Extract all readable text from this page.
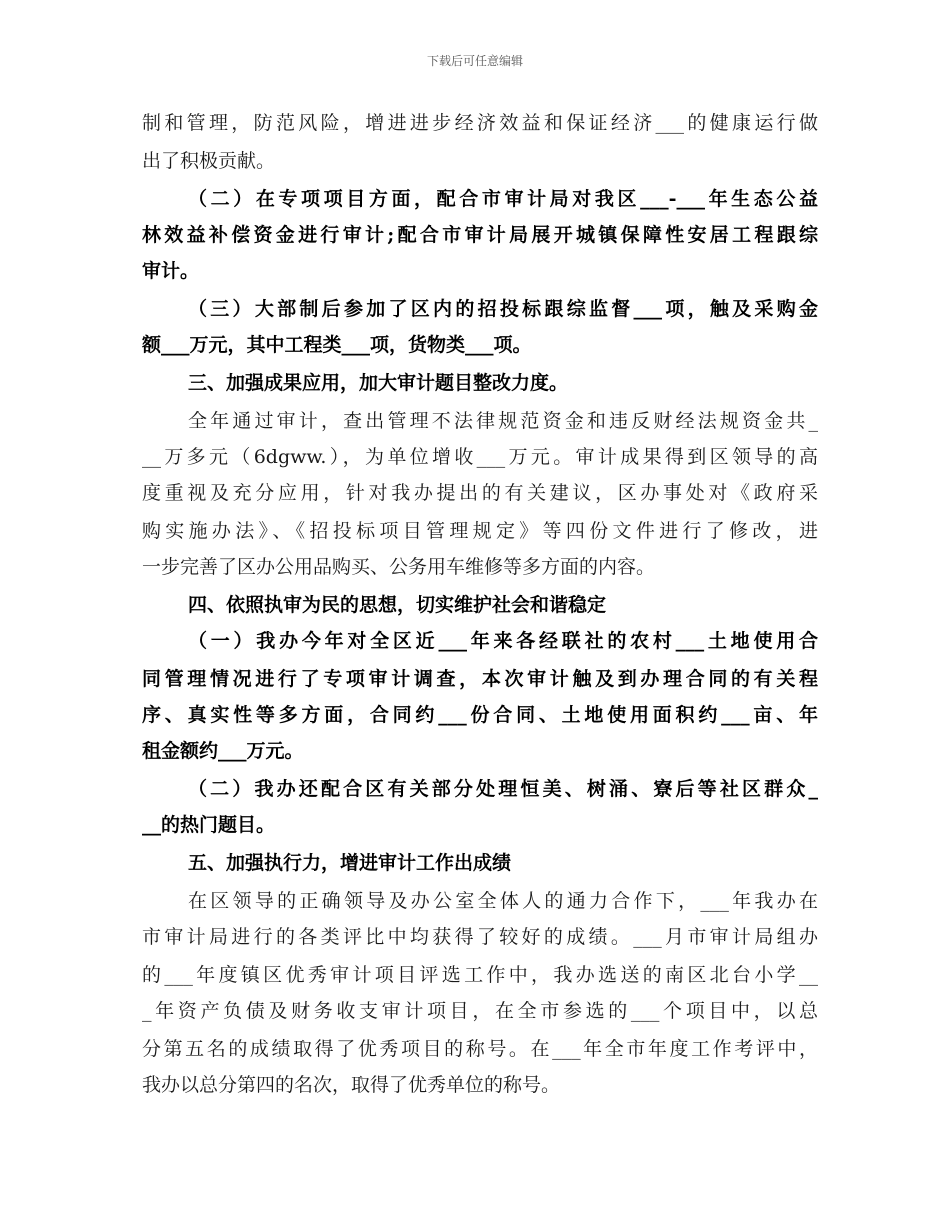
下载后可任意编辑
制和管理，防范风险，增进进步经济效益和保证经济___的健康运行做
出了积极贡献。
（二）在专项项目方面，配合市审计局对我区___-___年生态公益
林效益补偿资金进行审计;配合市审计局展开城镇保障性安居工程跟综
审计。
（三）大部制后参加了区内的招投标跟综监督___项，触及采购金
额___万元，其中工程类___项，货物类___项。
三、加强成果应用，加大审计题目整改力度。
全年通过审计，查出管理不法律规范资金和违反财经法规资金共_
__万多元（6dgww.），为单位增收___万元。审计成果得到区领导的高
度重视及充分应用，针对我办提出的有关建议，区办事处对《政府采
购实施办法》、《招投标项目管理规定》等四份文件进行了修改，进
一步完善了区办公用品购买、公务用车维修等多方面的内容。
四、依照执审为民的思想，切实维护社会和谐稳定
（一）我办今年对全区近___年来各经联社的农村___土地使用合
同管理情况进行了专项审计调查，本次审计触及到办理合同的有关程
序、真实性等多方面，合同约___份合同、土地使用面积约___亩、年
租金额约___万元。
（二）我办还配合区有关部分处理恒美、树涌、寮后等社区群众_
__的热门题目。
五、加强执行力，增进审计工作出成绩
在区领导的正确领导及办公室全体人的通力合作下，___年我办在
市审计局进行的各类评比中均获得了较好的成绩。___月市审计局组办
的___年度镇区优秀审计项目评选工作中，我办选送的南区北台小学__
_年资产负债及财务收支审计项目，在全市参选的___个项目中，以总
分第五名的成绩取得了优秀项目的称号。在___年全市年度工作考评中，
我办以总分第四的名次，取得了优秀单位的称号。
